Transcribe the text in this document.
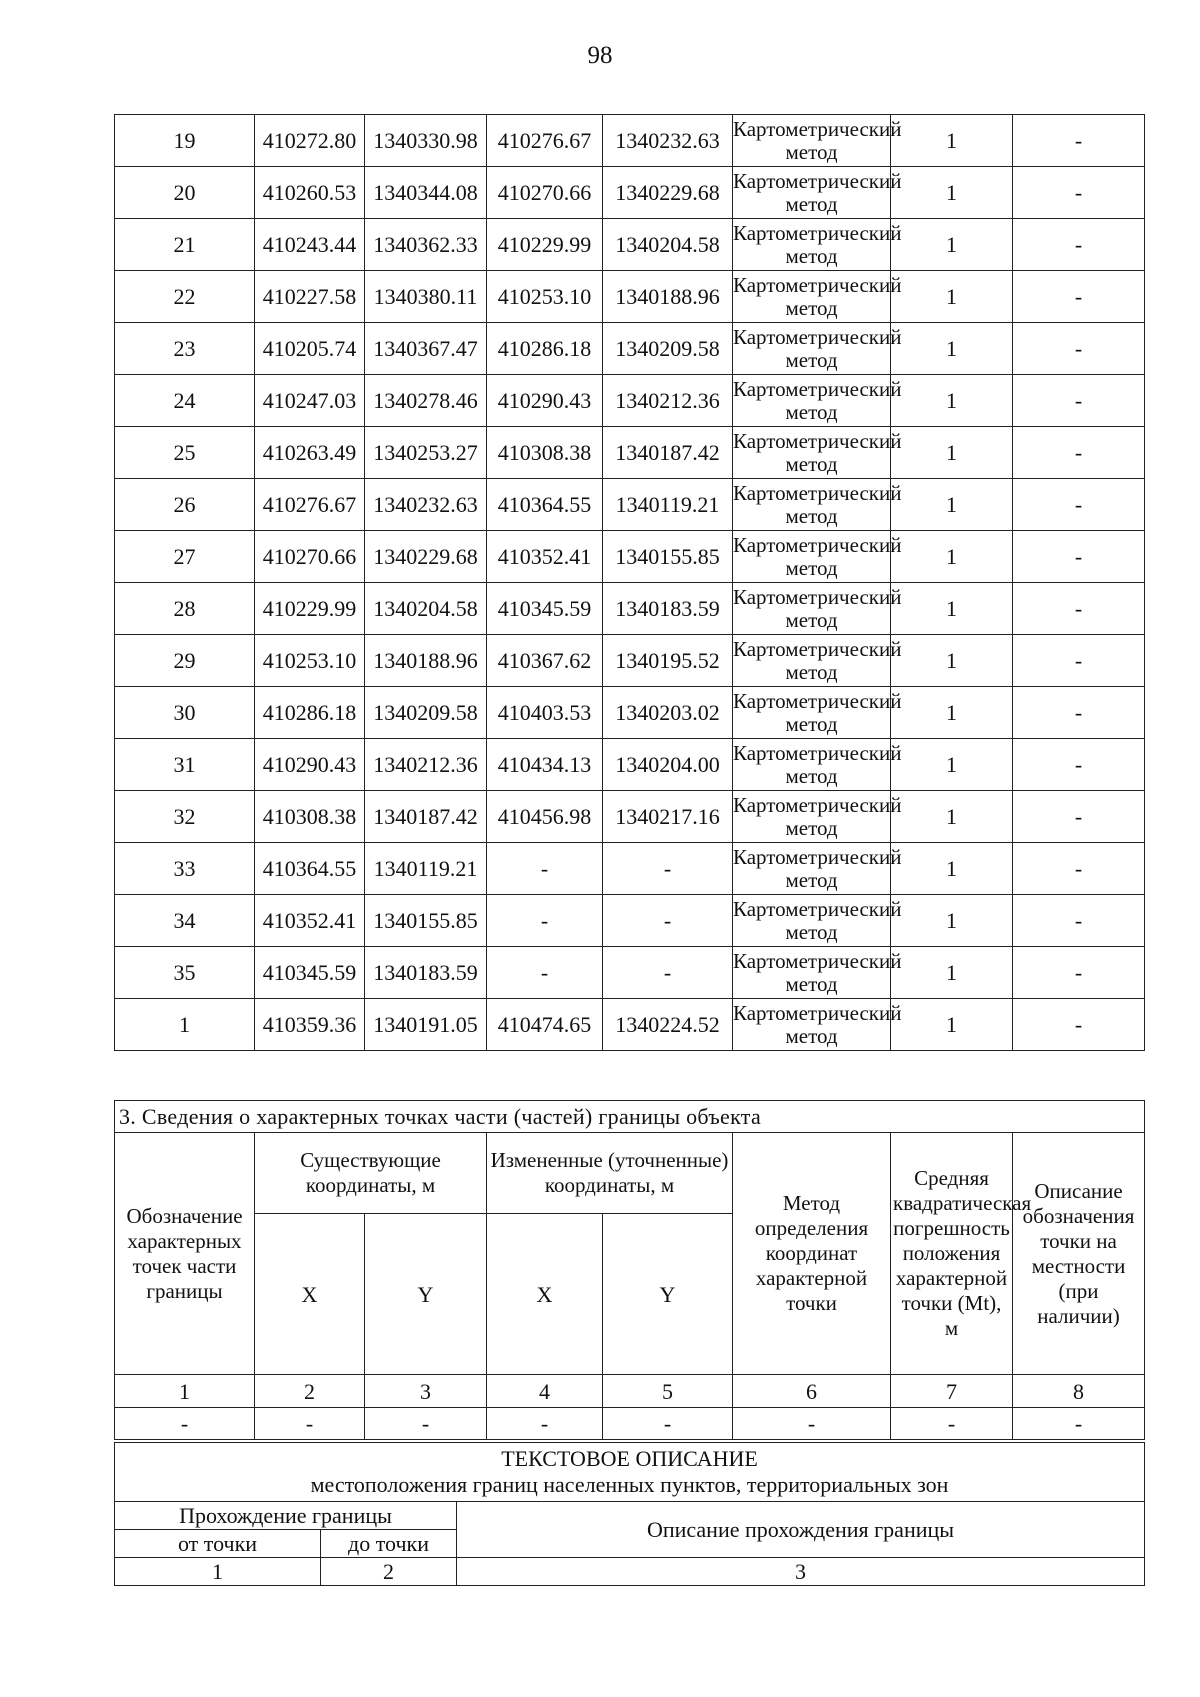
98
19	410272.80	1340330.98	410276.67	1340232.63	Картометрический метод	1	-
20	410260.53	1340344.08	410270.66	1340229.68	Картометрический метод	1	-
21	410243.44	1340362.33	410229.99	1340204.58	Картометрический метод	1	-
22	410227.58	1340380.11	410253.10	1340188.96	Картометрический метод	1	-
23	410205.74	1340367.47	410286.18	1340209.58	Картометрический метод	1	-
24	410247.03	1340278.46	410290.43	1340212.36	Картометрический метод	1	-
25	410263.49	1340253.27	410308.38	1340187.42	Картометрический метод	1	-
26	410276.67	1340232.63	410364.55	1340119.21	Картометрический метод	1	-
27	410270.66	1340229.68	410352.41	1340155.85	Картометрический метод	1	-
28	410229.99	1340204.58	410345.59	1340183.59	Картометрический метод	1	-
29	410253.10	1340188.96	410367.62	1340195.52	Картометрический метод	1	-
30	410286.18	1340209.58	410403.53	1340203.02	Картометрический метод	1	-
31	410290.43	1340212.36	410434.13	1340204.00	Картометрический метод	1	-
32	410308.38	1340187.42	410456.98	1340217.16	Картометрический метод	1	-
33	410364.55	1340119.21	-	-	Картометрический метод	1	-
34	410352.41	1340155.85	-	-	Картометрический метод	1	-
35	410345.59	1340183.59	-	-	Картометрический метод	1	-
1	410359.36	1340191.05	410474.65	1340224.52	Картометрический метод	1	-
3. Сведения о характерных точках части (частей) границы объекта							
Обозначение характерных точек части границы	Существующие координаты, м		Измененные (уточненные) координаты, м		Метод определения координат характерной точки	Средняя квадратическая погрешность положения характерной точки (Mt), м	Описание обозначения точки на местности (при наличии)
	X	Y	X	Y			
1	2	3	4	5	6	7	8
-	-	-	-	-	-	-	-
ТЕКСТОВОЕ ОПИСАНИЕ
местоположения границ населенных пунктов, территориальных зон		

Прохождение границы		Описание прохождения границы
от точки	до точки	
1	2	3
